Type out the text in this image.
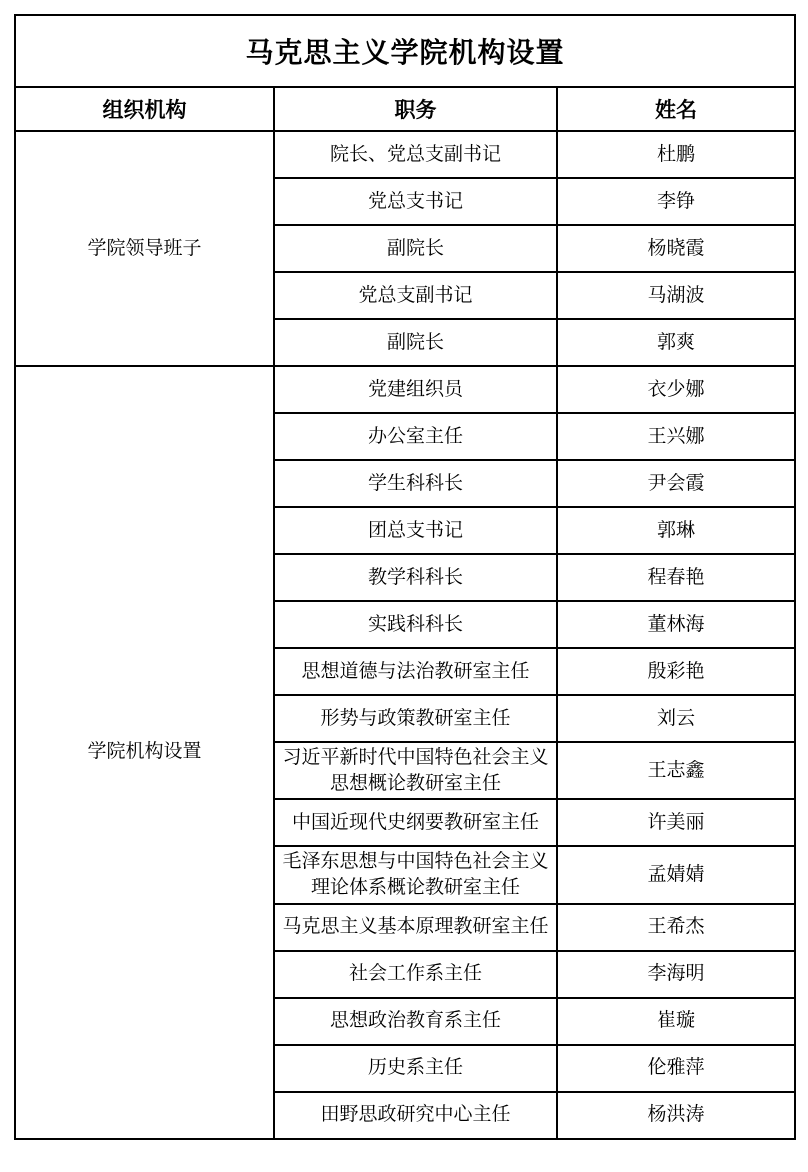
马克思主义学院机构设置		
组织机构	职务	姓名
学院领导班子	院长、党总支副书记	杜鹏
	党总支书记	李铮
	副院长	杨晓霞
	党总支副书记	马湖波
	副院长	郭爽
学院机构设置	党建组织员	衣少娜
	办公室主任	王兴娜
	学生科科长	尹会霞
	团总支书记	郭琳
	教学科科长	程春艳
	实践科科长	董林海
	思想道德与法治教研室主任	殷彩艳
	形势与政策教研室主任	刘云
	习近平新时代中国特色社会主义思想概论教研室主任	王志鑫
	中国近现代史纲要教研室主任	许美丽
	毛泽东思想与中国特色社会主义理论体系概论教研室主任	孟婧婧
	马克思主义基本原理教研室主任	王希杰
	社会工作系主任	李海明
	思想政治教育系主任	崔璇
	历史系主任	伦雅萍
	田野思政研究中心主任	杨洪涛
